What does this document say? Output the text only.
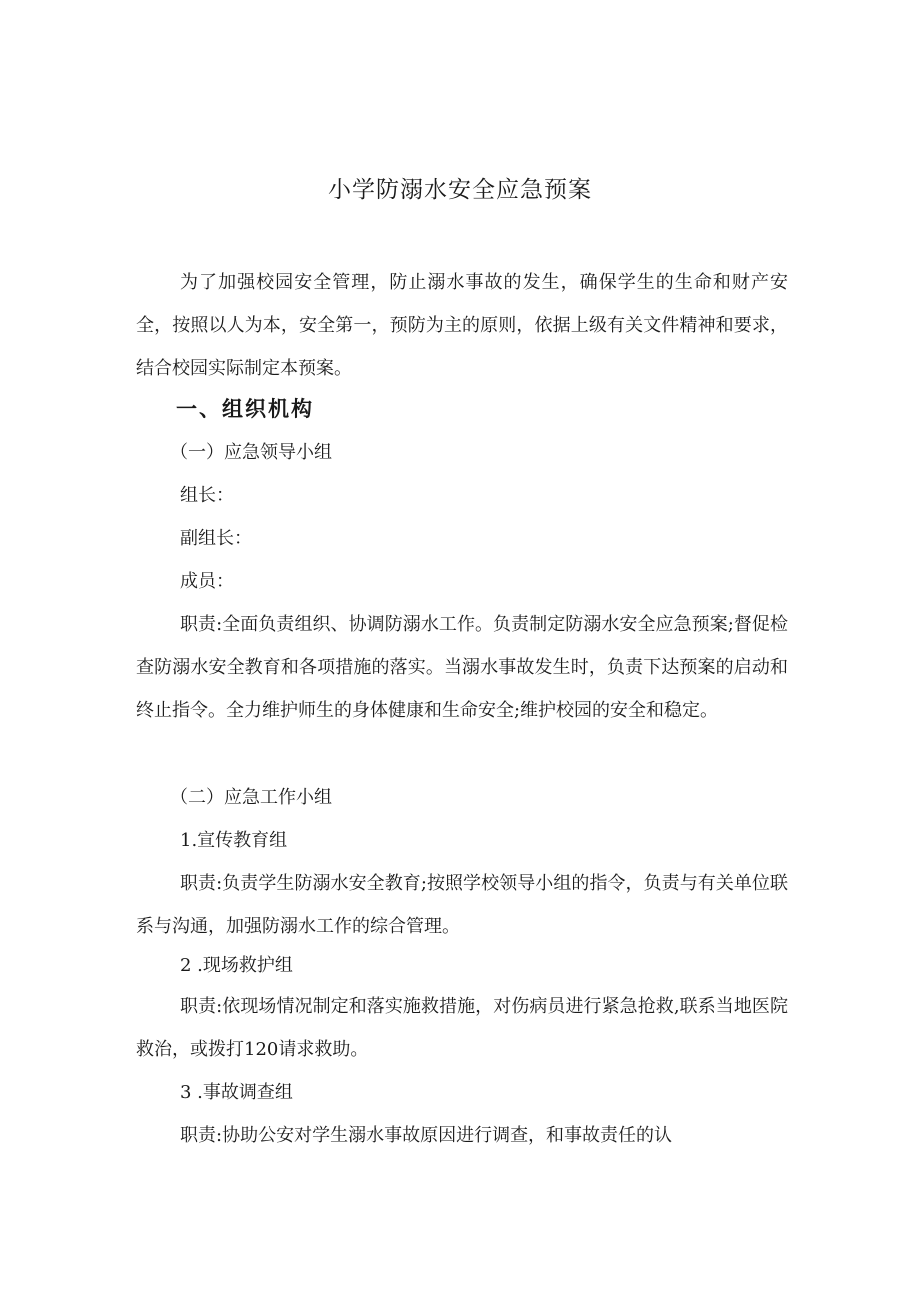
小学防溺水安全应急预案

为了加强校园安全管理，防止溺水事故的发生，确保学生的生命和财产安全，按照以人为本，安全第一，预防为主的原则，依据上级有关文件精神和要求，结合校园实际制定本预案。

一、组织机构

（一）应急领导小组

组长：

副组长：

成员：

职责:全面负责组织、协调防溺水工作。负责制定防溺水安全应急预案;督促检查防溺水安全教育和各项措施的落实。当溺水事故发生时，负责下达预案的启动和终止指令。全力维护师生的身体健康和生命安全;维护校园的安全和稳定。

（二）应急工作小组

1.宣传教育组

职责:负责学生防溺水安全教育;按照学校领导小组的指令，负责与有关单位联系与沟通，加强防溺水工作的综合管理。

2 .现场救护组

职责:依现场情况制定和落实施救措施，对伤病员进行紧急抢救,联系当地医院救治，或拨打120请求救助。

3 .事故调查组

职责:协助公安对学生溺水事故原因进行调查，和事故责任的认
